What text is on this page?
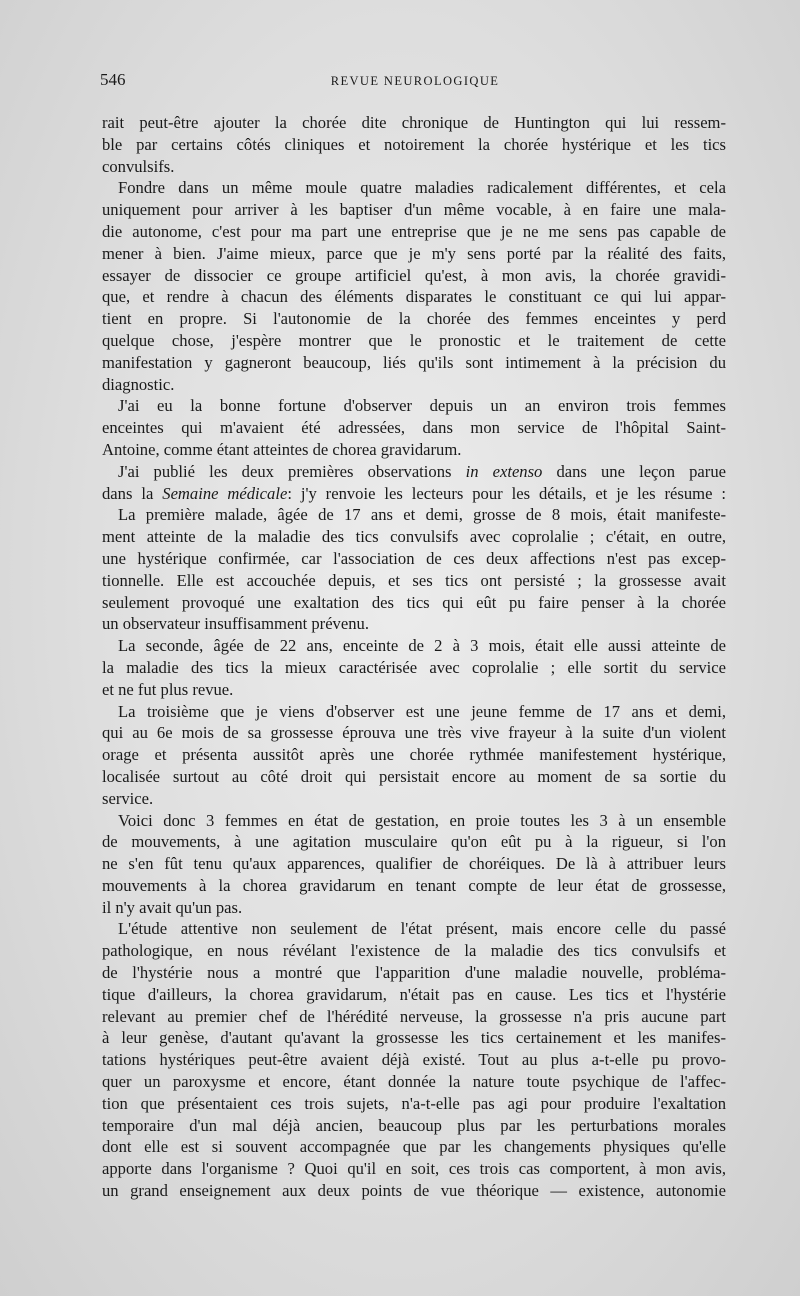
546	REVUE NEUROLOGIQUE
rait peut-être ajouter la chorée dite chronique de Huntington qui lui ressem-
ble par certains côtés cliniques et notoirement la chorée hystérique et les tics
convulsifs.
Fondre dans un même moule quatre maladies radicalement différentes, et cela
uniquement pour arriver à les baptiser d'un même vocable, à en faire une mala-
die autonome, c'est pour ma part une entreprise que je ne me sens pas capable de
mener à bien. J'aime mieux, parce que je m'y sens porté par la réalité des faits,
essayer de dissocier ce groupe artificiel qu'est, à mon avis, la chorée gravidi-
que, et rendre à chacun des éléments disparates le constituant ce qui lui appar-
tient en propre. Si l'autonomie de la chorée des femmes enceintes y perd
quelque chose, j'espère montrer que le pronostic et le traitement de cette
manifestation y gagneront beaucoup, liés qu'ils sont intimement à la précision du
diagnostic.
J'ai eu la bonne fortune d'observer depuis un an environ trois femmes
enceintes qui m'avaient été adressées, dans mon service de l'hôpital Saint-
Antoine, comme étant atteintes de chorea gravidarum.
J'ai publié les deux premières observations in extenso dans une leçon parue
dans la Semaine médicale: j'y renvoie les lecteurs pour les détails, et je les résume :
La première malade, âgée de 17 ans et demi, grosse de 8 mois, était manifeste-
ment atteinte de la maladie des tics convulsifs avec coprolalie ; c'était, en outre,
une hystérique confirmée, car l'association de ces deux affections n'est pas excep-
tionnelle. Elle est accouchée depuis, et ses tics ont persisté ; la grossesse avait
seulement provoqué une exaltation des tics qui eût pu faire penser à la chorée
un observateur insuffisamment prévenu.
La seconde, âgée de 22 ans, enceinte de 2 à 3 mois, était elle aussi atteinte de
la maladie des tics la mieux caractérisée avec coprolalie ; elle sortit du service
et ne fut plus revue.
La troisième que je viens d'observer est une jeune femme de 17 ans et demi,
qui au 6e mois de sa grossesse éprouva une très vive frayeur à la suite d'un violent
orage et présenta aussitôt après une chorée rythmée manifestement hystérique,
localisée surtout au côté droit qui persistait encore au moment de sa sortie du
service.
Voici donc 3 femmes en état de gestation, en proie toutes les 3 à un ensemble
de mouvements, à une agitation musculaire qu'on eût pu à la rigueur, si l'on
ne s'en fût tenu qu'aux apparences, qualifier de choréiques. De là à attribuer leurs
mouvements à la chorea gravidarum en tenant compte de leur état de grossesse,
il n'y avait qu'un pas.
L'étude attentive non seulement de l'état présent, mais encore celle du passé
pathologique, en nous révélant l'existence de la maladie des tics convulsifs et
de l'hystérie nous a montré que l'apparition d'une maladie nouvelle, probléma-
tique d'ailleurs, la chorea gravidarum, n'était pas en cause. Les tics et l'hystérie
relevant au premier chef de l'hérédité nerveuse, la grossesse n'a pris aucune part
à leur genèse, d'autant qu'avant la grossesse les tics certainement et les manifes-
tations hystériques peut-être avaient déjà existé. Tout au plus a-t-elle pu provo-
quer un paroxysme et encore, étant donnée la nature toute psychique de l'affec-
tion que présentaient ces trois sujets, n'a-t-elle pas agi pour produire l'exaltation
temporaire d'un mal déjà ancien, beaucoup plus par les perturbations morales
dont elle est si souvent accompagnée que par les changements physiques qu'elle
apporte dans l'organisme ? Quoi qu'il en soit, ces trois cas comportent, à mon avis,
un grand enseignement aux deux points de vue théorique — existence, autonomie
